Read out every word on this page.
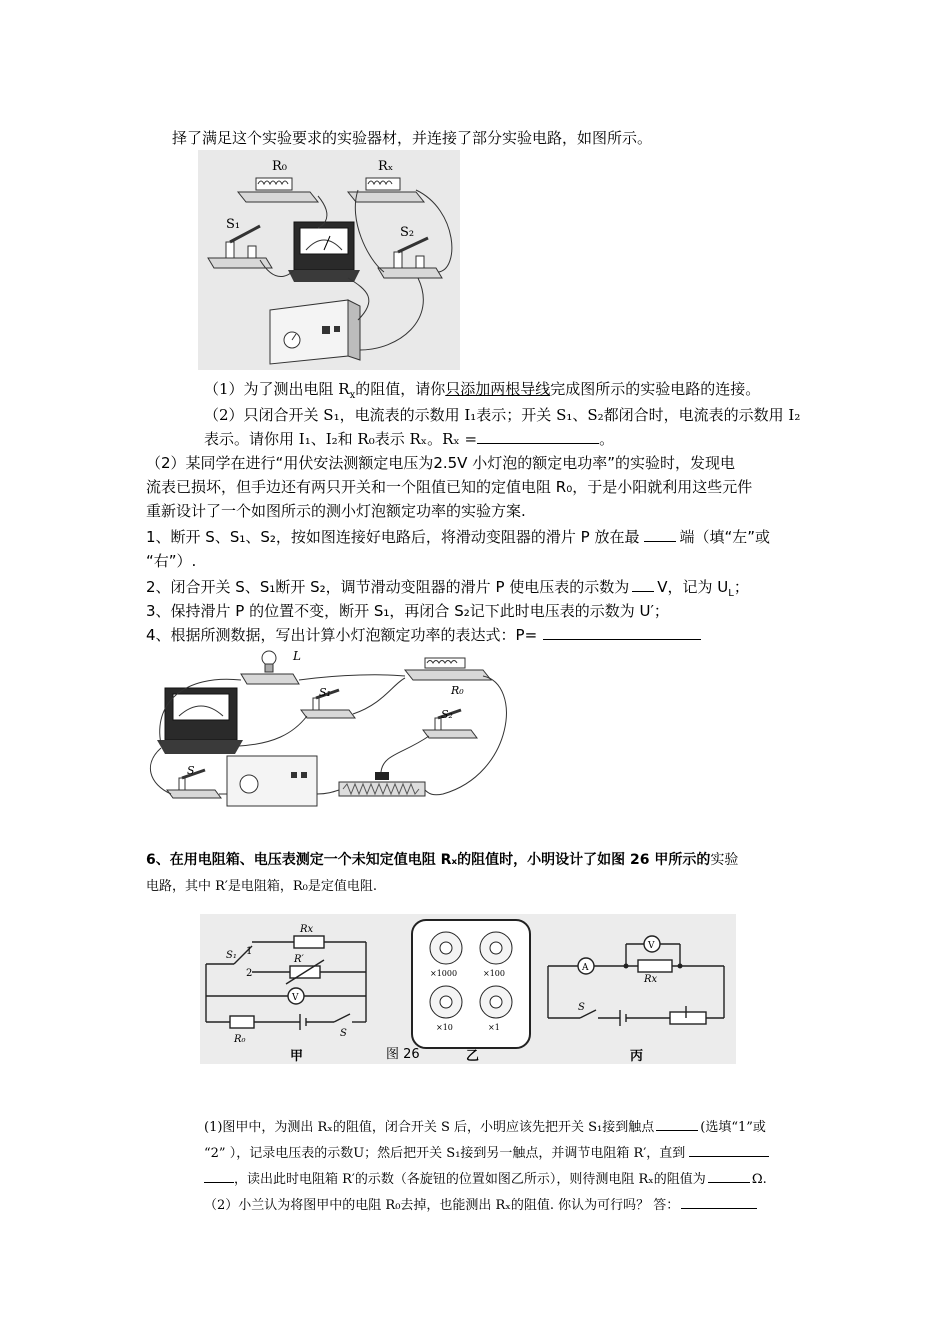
择了满足这个实验要求的实验器材，并连接了部分实验电路，如图所示。
R₀	Rₓ
S₁
S₂
（1）为了测出电阻 $R_x$的阻值，请你只添加两根导线完成图所示的实验电路的连接。
（2）只闭合开关 S₁，电流表的示数用 I₁表示；开关 S₁、S₂都闭合时，电流表的示数用 I₂
表示。请你用 I₁、I₂和 R₀表示 Rₓ。Rₓ =	。
（2）某同学在进行“用伏安法测额定电压为2.5V 小灯泡的额定电功率”的实验时，发现电
流表已损坏，但手边还有两只开关和一个阻值已知的定值电阻 R₀，于是小阳就利用这些元件
重新设计了一个如图所示的测小灯泡额定功率的实验方案.
1、断开 S、S₁、S₂，按如图连接好电路后，将滑动变阻器的滑片 P 放在最	端（填“左”或
“右”）.
2、闭合开关 S、S₁断开 S₂，调节滑动变阻器的滑片 P 使电压表的示数为 V，记为 $U_L$；
3、保持滑片 P 的位置不变，断开 S₁，再闭合 S₂记下此时电压表的示数为 U′；
4、根据所测数据，写出计算小灯泡额定功率的表达式：P=
L
R₀
S₁
S₂
S
6、在用电阻箱、电压表测定一个未知定值电阻 Rₓ的阻值时，小明设计了如图 26 甲所示的实验
电路，其中 R′是电阻箱，R₀是定值电阻.
Rx
R′
S₁ 1
2
V
R₀
S
×1000	×100
×10	×1
A
V
Rx
S
甲	乙	丙
图 26
(1)图甲中，为测出 Rₓ的阻值，闭合开关 S 后，小明应该先把开关 S₁接到触点	(选填“1”或
“2” ），记录电压表的示数U；然后把开关 S₁接到另一触点，并调节电阻箱 R′，直到
，读出此时电阻箱 R′的示数（各旋钮的位置如图乙所示），则待测电阻 Rₓ的阻值为	Ω.
（2）小兰认为将图甲中的电阻 R₀去掉，也能测出 Rₓ的阻值. 你认为可行吗？ 答：
